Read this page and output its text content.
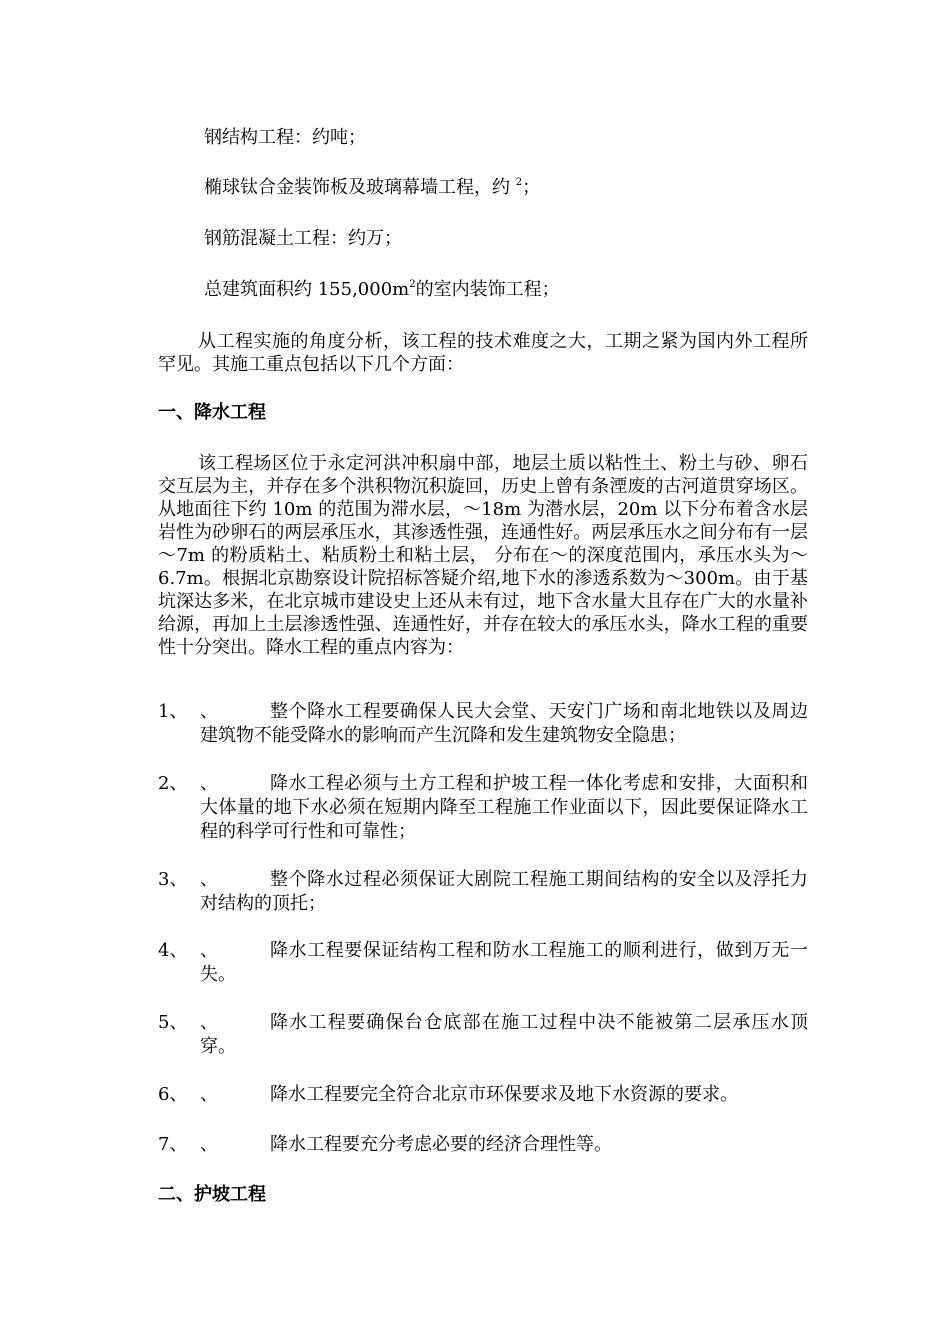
钢结构工程：约吨；
椭球钛合金装饰板及玻璃幕墙工程，约 $^2$；
钢筋混凝土工程：约万；
总建筑面积约 $155,000m^2$的室内装饰工程；
从工程实施的角度分析，该工程的技术难度之大，工期之紧为国内外工程所罕见。其施工重点包括以下几个方面：
一、降水工程
该工程场区位于永定河洪冲积扇中部，地层土质以粘性土、粉土与砂、卵石交互层为主，并存在多个洪积物沉积旋回，历史上曾有条湮废的古河道贯穿场区。从地面往下约 10m 的范围为滞水层，～18m 为潜水层，20m 以下分布着含水层岩性为砂卵石的两层承压水，其渗透性强，连通性好。两层承压水之间分布有一层～7m 的粉质粘土、粘质粉土和粘土层， 分布在～的深度范围内，承压水头为～6.7m。根据北京勘察设计院招标答疑介绍,地下水的渗透系数为～300m。由于基坑深达多米，在北京城市建设史上还从未有过，地下含水量大且存在广大的水量补给源，再加上土层渗透性强、连通性好，并存在较大的承压水头，降水工程的重要性十分突出。降水工程的重点内容为：
1、 、	整个降水工程要确保人民大会堂、天安门广场和南北地铁以及周边建筑物不能受降水的影响而产生沉降和发生建筑物安全隐患；
2、 、	降水工程必须与土方工程和护坡工程一体化考虑和安排，大面积和大体量的地下水必须在短期内降至工程施工作业面以下，因此要保证降水工程的科学可行性和可靠性；
3、 、	整个降水过程必须保证大剧院工程施工期间结构的安全以及浮托力对结构的顶托；
4、 、	降水工程要保证结构工程和防水工程施工的顺利进行，做到万无一失。
5、 、	降水工程要确保台仓底部在施工过程中决不能被第二层承压水顶穿。
6、 、	降水工程要完全符合北京市环保要求及地下水资源的要求。
7、 、	降水工程要充分考虑必要的经济合理性等。
二、护坡工程
